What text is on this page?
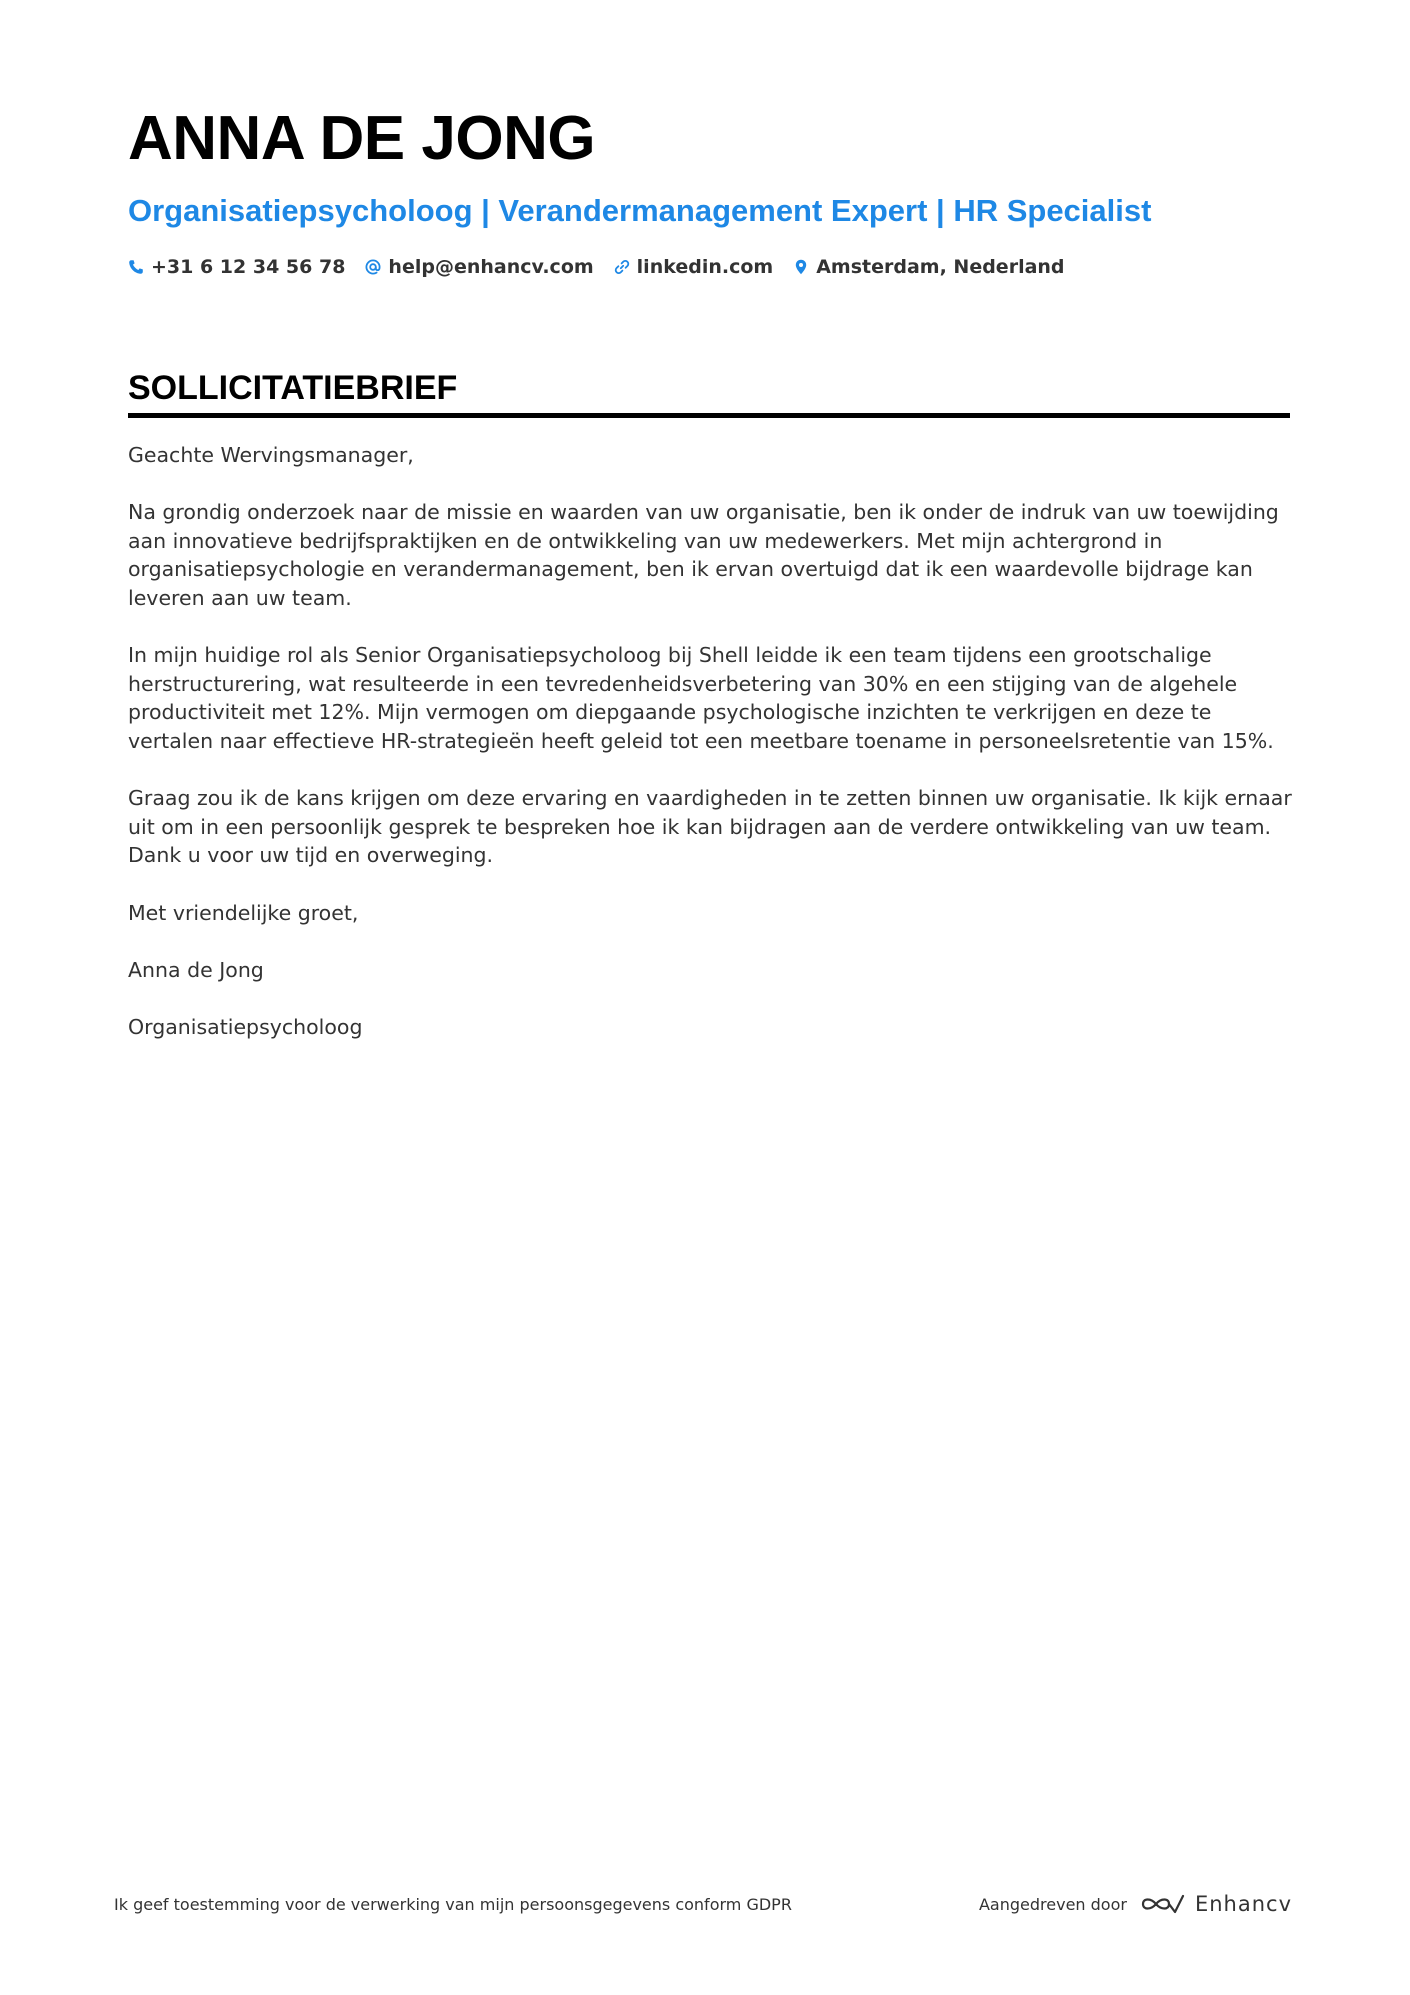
ANNA DE JONG
Organisatiepsycholoog | Verandermanagement Expert | HR Specialist
+31 6 12 34 56 78 help@enhancv.com linkedin.com Amsterdam, Nederland
SOLLICITATIEBRIEF

Geachte Wervingsmanager,

Na grondig onderzoek naar de missie en waarden van uw organisatie, ben ik onder de indruk van uw toewijding aan innovatieve bedrijfspraktijken en de ontwikkeling van uw medewerkers. Met mijn achtergrond in organisatiepsychologie en verandermanagement, ben ik ervan overtuigd dat ik een waardevolle bijdrage kan leveren aan uw team.

In mijn huidige rol als Senior Organisatiepsycholoog bij Shell leidde ik een team tijdens een grootschalige herstructurering, wat resulteerde in een tevredenheidsverbetering van 30% en een stijging van de algehele productiviteit met 12%. Mijn vermogen om diepgaande psychologische inzichten te verkrijgen en deze te vertalen naar effectieve HR-strategieën heeft geleid tot een meetbare toename in personeelsretentie van 15%.

Graag zou ik de kans krijgen om deze ervaring en vaardigheden in te zetten binnen uw organisatie. Ik kijk ernaar uit om in een persoonlijk gesprek te bespreken hoe ik kan bijdragen aan de verdere ontwikkeling van uw team. Dank u voor uw tijd en overweging.

Met vriendelijke groet,

Anna de Jong

Organisatiepsycholoog

Ik geef toestemming voor de verwerking van mijn persoonsgegevens conform GDPR	Aangedreven door	Enhancv
